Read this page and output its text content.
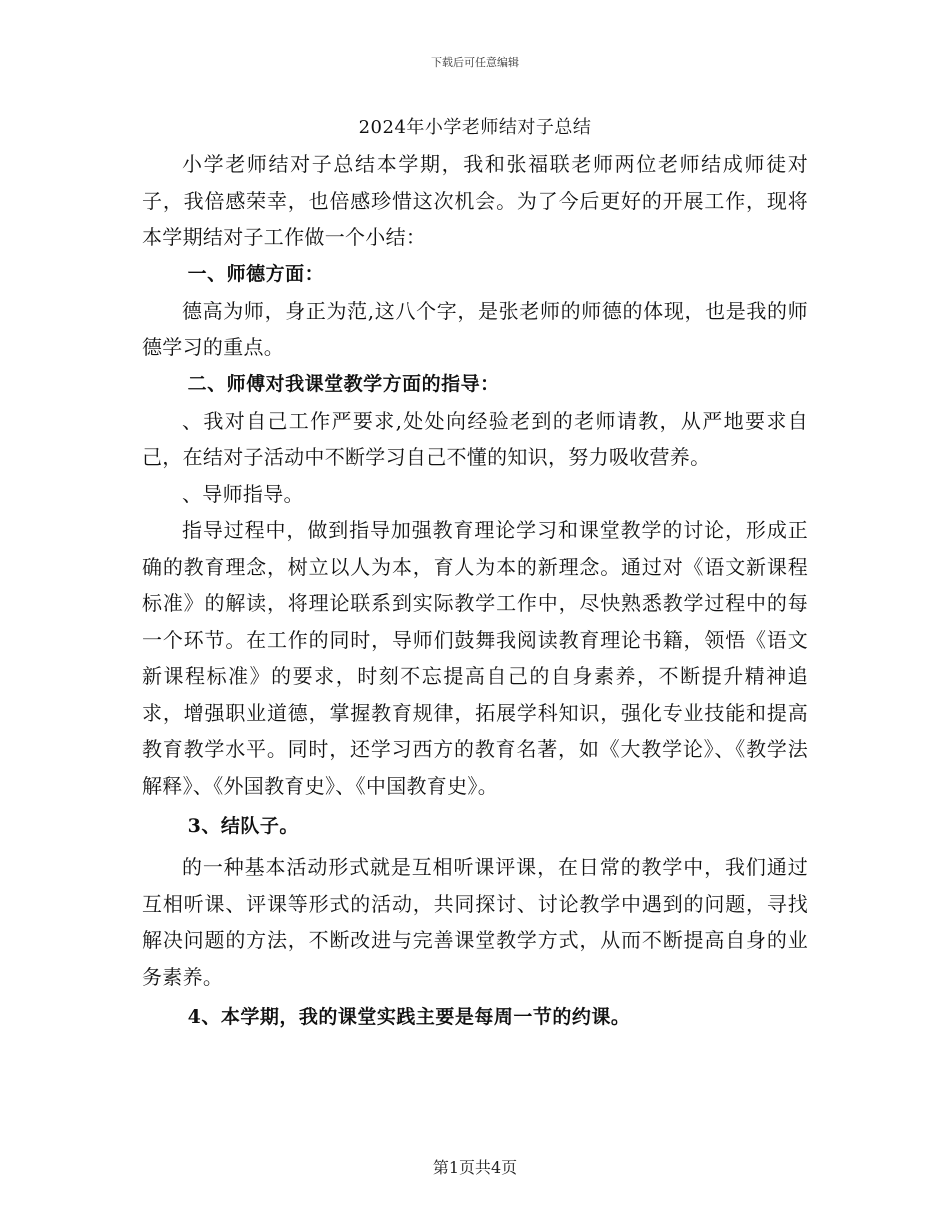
下载后可任意编辑
2024年小学老师结对子总结

小学老师结对子总结本学期，我和张福联老师两位老师结成师徒对子，我倍感荣幸，也倍感珍惜这次机会。为了今后更好的开展工作，现将本学期结对子工作做一个小结：

一、师德方面：

德高为师，身正为范,这八个字，是张老师的师德的体现，也是我的师德学习的重点。

二、师傅对我课堂教学方面的指导：

、我对自己工作严要求,处处向经验老到的老师请教，从严地要求自己，在结对子活动中不断学习自己不懂的知识，努力吸收营养。

、导师指导。

指导过程中，做到指导加强教育理论学习和课堂教学的讨论，形成正确的教育理念，树立以人为本，育人为本的新理念。通过对《语文新课程标准》的解读，将理论联系到实际教学工作中，尽快熟悉教学过程中的每一个环节。在工作的同时，导师们鼓舞我阅读教育理论书籍，领悟《语文新课程标准》的要求，时刻不忘提高自己的自身素养，不断提升精神追求，增强职业道德，掌握教育规律，拓展学科知识，强化专业技能和提高教育教学水平。同时，还学习西方的教育名著，如《大教学论》、《教学法解释》、《外国教育史》、《中国教育史》。

3、结队子。

的一种基本活动形式就是互相听课评课，在日常的教学中，我们通过互相听课、评课等形式的活动，共同探讨、讨论教学中遇到的问题，寻找解决问题的方法，不断改进与完善课堂教学方式，从而不断提高自身的业务素养。

4、本学期，我的课堂实践主要是每周一节的约课。

第1页共4页
